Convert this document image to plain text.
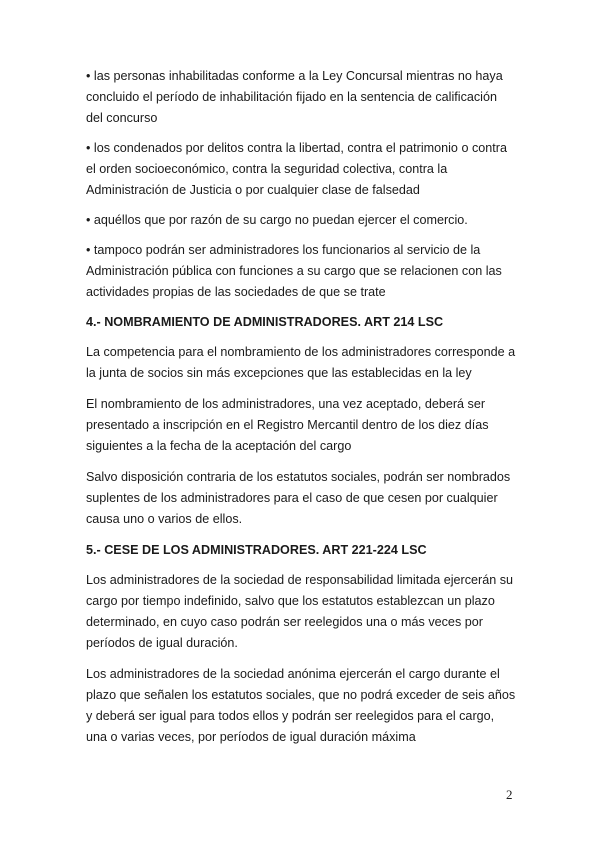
• las personas inhabilitadas conforme a la Ley Concursal mientras no haya concluido el período de inhabilitación fijado en la sentencia de calificación del concurso

• los condenados por delitos contra la libertad, contra el patrimonio o contra el orden socioeconómico, contra la seguridad colectiva, contra la Administración de Justicia o por cualquier clase de falsedad

• aquéllos que por razón de su cargo no puedan ejercer el comercio.

• tampoco podrán ser administradores los funcionarios al servicio de la Administración pública con funciones a su cargo que se relacionen con las actividades propias de las sociedades de que se trate

4.- NOMBRAMIENTO DE ADMINISTRADORES. ART 214 LSC

La competencia para el nombramiento de los administradores corresponde a la junta de socios sin más excepciones que las establecidas en la ley

El nombramiento de los administradores, una vez aceptado, deberá ser presentado a inscripción en el Registro Mercantil dentro de los diez días siguientes a la fecha de la aceptación del cargo

Salvo disposición contraria de los estatutos sociales, podrán ser nombrados suplentes de los administradores para el caso de que cesen por cualquier causa uno o varios de ellos.

5.- CESE DE LOS ADMINISTRADORES. ART 221-224 LSC

Los administradores de la sociedad de responsabilidad limitada ejercerán su cargo por tiempo indefinido, salvo que los estatutos establezcan un plazo determinado, en cuyo caso podrán ser reelegidos una o más veces por períodos de igual duración.

Los administradores de la sociedad anónima ejercerán el cargo durante el plazo que señalen los estatutos sociales, que no podrá exceder de seis años y deberá ser igual para todos ellos y podrán ser reelegidos para el cargo, una o varias veces, por períodos de igual duración máxima

2
